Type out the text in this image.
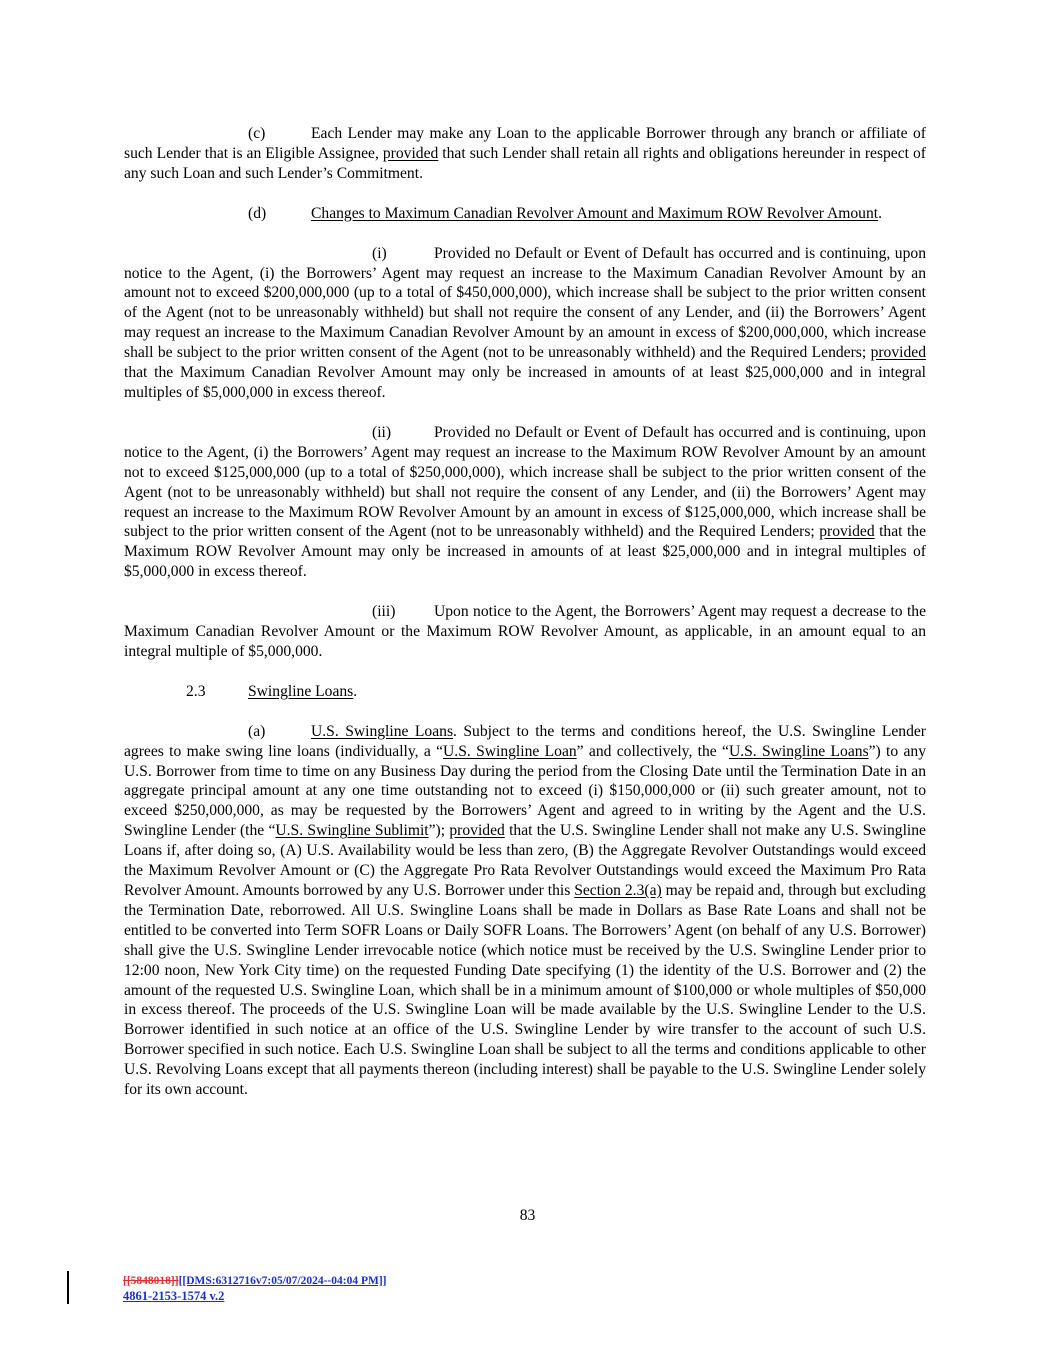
(c)	Each Lender may make any Loan to the applicable Borrower through any branch or affiliate of such Lender that is an Eligible Assignee, provided that such Lender shall retain all rights and obligations hereunder in respect of any such Loan and such Lender’s Commitment.

(d)	Changes to Maximum Canadian Revolver Amount and Maximum ROW Revolver Amount.

(i)	Provided no Default or Event of Default has occurred and is continuing, upon notice to the Agent, (i) the Borrowers’ Agent may request an increase to the Maximum Canadian Revolver Amount by an amount not to exceed $200,000,000 (up to a total of $450,000,000), which increase shall be subject to the prior written consent of the Agent (not to be unreasonably withheld) but shall not require the consent of any Lender, and (ii) the Borrowers’ Agent may request an increase to the Maximum Canadian Revolver Amount by an amount in excess of $200,000,000, which increase shall be subject to the prior written consent of the Agent (not to be unreasonably withheld) and the Required Lenders; provided that the Maximum Canadian Revolver Amount may only be increased in amounts of at least $25,000,000 and in integral multiples of $5,000,000 in excess thereof.

(ii)	Provided no Default or Event of Default has occurred and is continuing, upon notice to the Agent, (i) the Borrowers’ Agent may request an increase to the Maximum ROW Revolver Amount by an amount not to exceed $125,000,000 (up to a total of $250,000,000), which increase shall be subject to the prior written consent of the Agent (not to be unreasonably withheld) but shall not require the consent of any Lender, and (ii) the Borrowers’ Agent may request an increase to the Maximum ROW Revolver Amount by an amount in excess of $125,000,000, which increase shall be subject to the prior written consent of the Agent (not to be unreasonably withheld) and the Required Lenders; provided that the Maximum ROW Revolver Amount may only be increased in amounts of at least $25,000,000 and in integral multiples of $5,000,000 in excess thereof.

(iii) Upon notice to the Agent, the Borrowers’ Agent may request a decrease to the Maximum Canadian Revolver Amount or the Maximum ROW Revolver Amount, as applicable, in an amount equal to an integral multiple of $5,000,000.

2.3	Swingline Loans.

(a)	U.S. Swingline Loans. Subject to the terms and conditions hereof, the U.S. Swingline Lender agrees to make swing line loans (individually, a “U.S. Swingline Loan” and collectively, the “U.S. Swingline Loans”) to any U.S. Borrower from time to time on any Business Day during the period from the Closing Date until the Termination Date in an aggregate principal amount at any one time outstanding not to exceed (i) $150,000,000 or (ii) such greater amount, not to exceed $250,000,000, as may be requested by the Borrowers’ Agent and agreed to in writing by the Agent and the U.S. Swingline Lender (the “U.S. Swingline Sublimit”); provided that the U.S. Swingline Lender shall not make any U.S. Swingline Loans if, after doing so, (A) U.S. Availability would be less than zero, (B) the Aggregate Revolver Outstandings would exceed the Maximum Revolver Amount or (C) the Aggregate Pro Rata Revolver Outstandings would exceed the Maximum Pro Rata Revolver Amount. Amounts borrowed by any U.S. Borrower under this Section 2.3(a) may be repaid and, through but excluding the Termination Date, reborrowed. All U.S. Swingline Loans shall be made in Dollars as Base Rate Loans and shall not be entitled to be converted into Term SOFR Loans or Daily SOFR Loans. The Borrowers’ Agent (on behalf of any U.S. Borrower) shall give the U.S. Swingline Lender irrevocable notice (which notice must be received by the U.S. Swingline Lender prior to 12:00 noon, New York City time) on the requested Funding Date specifying (1) the identity of the U.S. Borrower and (2) the amount of the requested U.S. Swingline Loan, which shall be in a minimum amount of $100,000 or whole multiples of $50,000 in excess thereof. The proceeds of the U.S. Swingline Loan will be made available by the U.S. Swingline Lender to the U.S. Borrower identified in such notice at an office of the U.S. Swingline Lender by wire transfer to the account of such U.S. Borrower specified in such notice. Each U.S. Swingline Loan shall be subject to all the terms and conditions applicable to other U.S. Revolving Loans except that all payments thereon (including interest) shall be payable to the U.S. Swingline Lender solely for its own account.

83
[[5848018]][[DMS:6312716v7:05/07/2024--04:04 PM]]
4861-2153-1574 v.2
